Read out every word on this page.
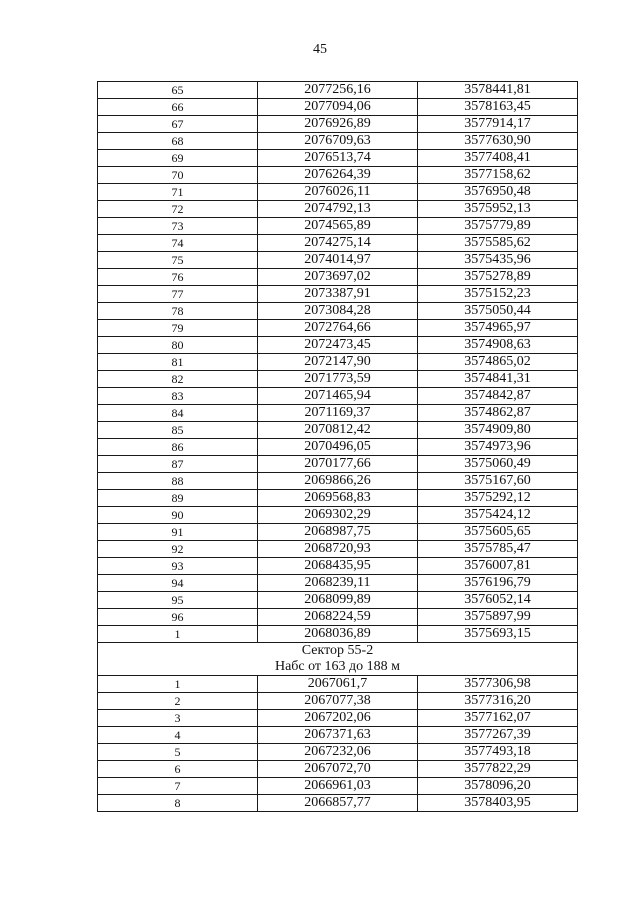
45
65	2077256,16	3578441,81
66	2077094,06	3578163,45
67	2076926,89	3577914,17
68	2076709,63	3577630,90
69	2076513,74	3577408,41
70	2076264,39	3577158,62
71	2076026,11	3576950,48
72	2074792,13	3575952,13
73	2074565,89	3575779,89
74	2074275,14	3575585,62
75	2074014,97	3575435,96
76	2073697,02	3575278,89
77	2073387,91	3575152,23
78	2073084,28	3575050,44
79	2072764,66	3574965,97
80	2072473,45	3574908,63
81	2072147,90	3574865,02
82	2071773,59	3574841,31
83	2071465,94	3574842,87
84	2071169,37	3574862,87
85	2070812,42	3574909,80
86	2070496,05	3574973,96
87	2070177,66	3575060,49
88	2069866,26	3575167,60
89	2069568,83	3575292,12
90	2069302,29	3575424,12
91	2068987,75	3575605,65
92	2068720,93	3575785,47
93	2068435,95	3576007,81
94	2068239,11	3576196,79
95	2068099,89	3576052,14
96	2068224,59	3575897,99
1	2068036,89	3575693,15

Сектор 55-2
Набс от 163 до 188 м		

1	2067061,7	3577306,98
2	2067077,38	3577316,20
3	2067202,06	3577162,07
4	2067371,63	3577267,39
5	2067232,06	3577493,18
6	2067072,70	3577822,29
7	2066961,03	3578096,20
8	2066857,77	3578403,95
